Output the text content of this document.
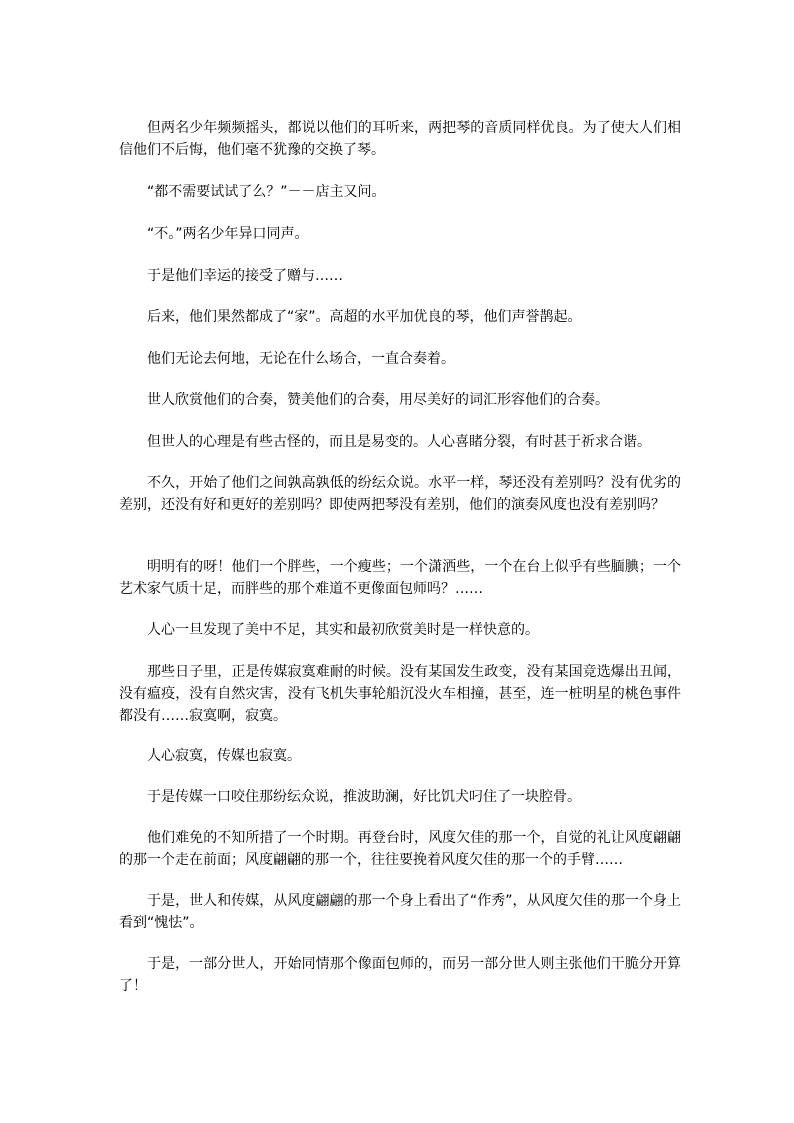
但两名少年频频摇头，都说以他们的耳听来，两把琴的音质同样优良。为了使大人们相信他们不后悔，他们毫不犹豫的交换了琴。

“都不需要试试了么？”－－店主又问。

“不。”两名少年异口同声。

于是他们幸运的接受了赠与……

后来，他们果然都成了“家”。高超的水平加优良的琴，他们声誉鹊起。

他们无论去何地，无论在什么场合，一直合奏着。

世人欣赏他们的合奏，赞美他们的合奏，用尽美好的词汇形容他们的合奏。

但世人的心理是有些古怪的，而且是易变的。人心喜睹分裂，有时甚于祈求合谐。

不久，开始了他们之间孰高孰低的纷纭众说。水平一样，琴还没有差别吗？没有优劣的差别，还没有好和更好的差别吗？即使两把琴没有差别，他们的演奏风度也没有差别吗？

明明有的呀！他们一个胖些，一个瘦些；一个潇洒些，一个在台上似乎有些腼腆；一个艺术家气质十足，而胖些的那个难道不更像面包师吗？……

人心一旦发现了美中不足，其实和最初欣赏美时是一样快意的。

那些日子里，正是传媒寂寞难耐的时候。没有某国发生政变，没有某国竞选爆出丑闻，没有瘟疫，没有自然灾害，没有飞机失事轮船沉没火车相撞，甚至，连一桩明星的桃色事件都没有……寂寞啊，寂寞。

人心寂寞，传媒也寂寞。

于是传媒一口咬住那纷纭众说，推波助澜，好比饥犬叼住了一块腔骨。

他们难免的不知所措了一个时期。再登台时，风度欠佳的那一个，自觉的礼让风度翩翩的那一个走在前面；风度翩翩的那一个，往往要挽着风度欠佳的那一个的手臂……

于是，世人和传媒，从风度翩翩的那一个身上看出了“作秀”，从风度欠佳的那一个身上看到“愧怯”。

于是，一部分世人，开始同情那个像面包师的，而另一部分世人则主张他们干脆分开算了！
